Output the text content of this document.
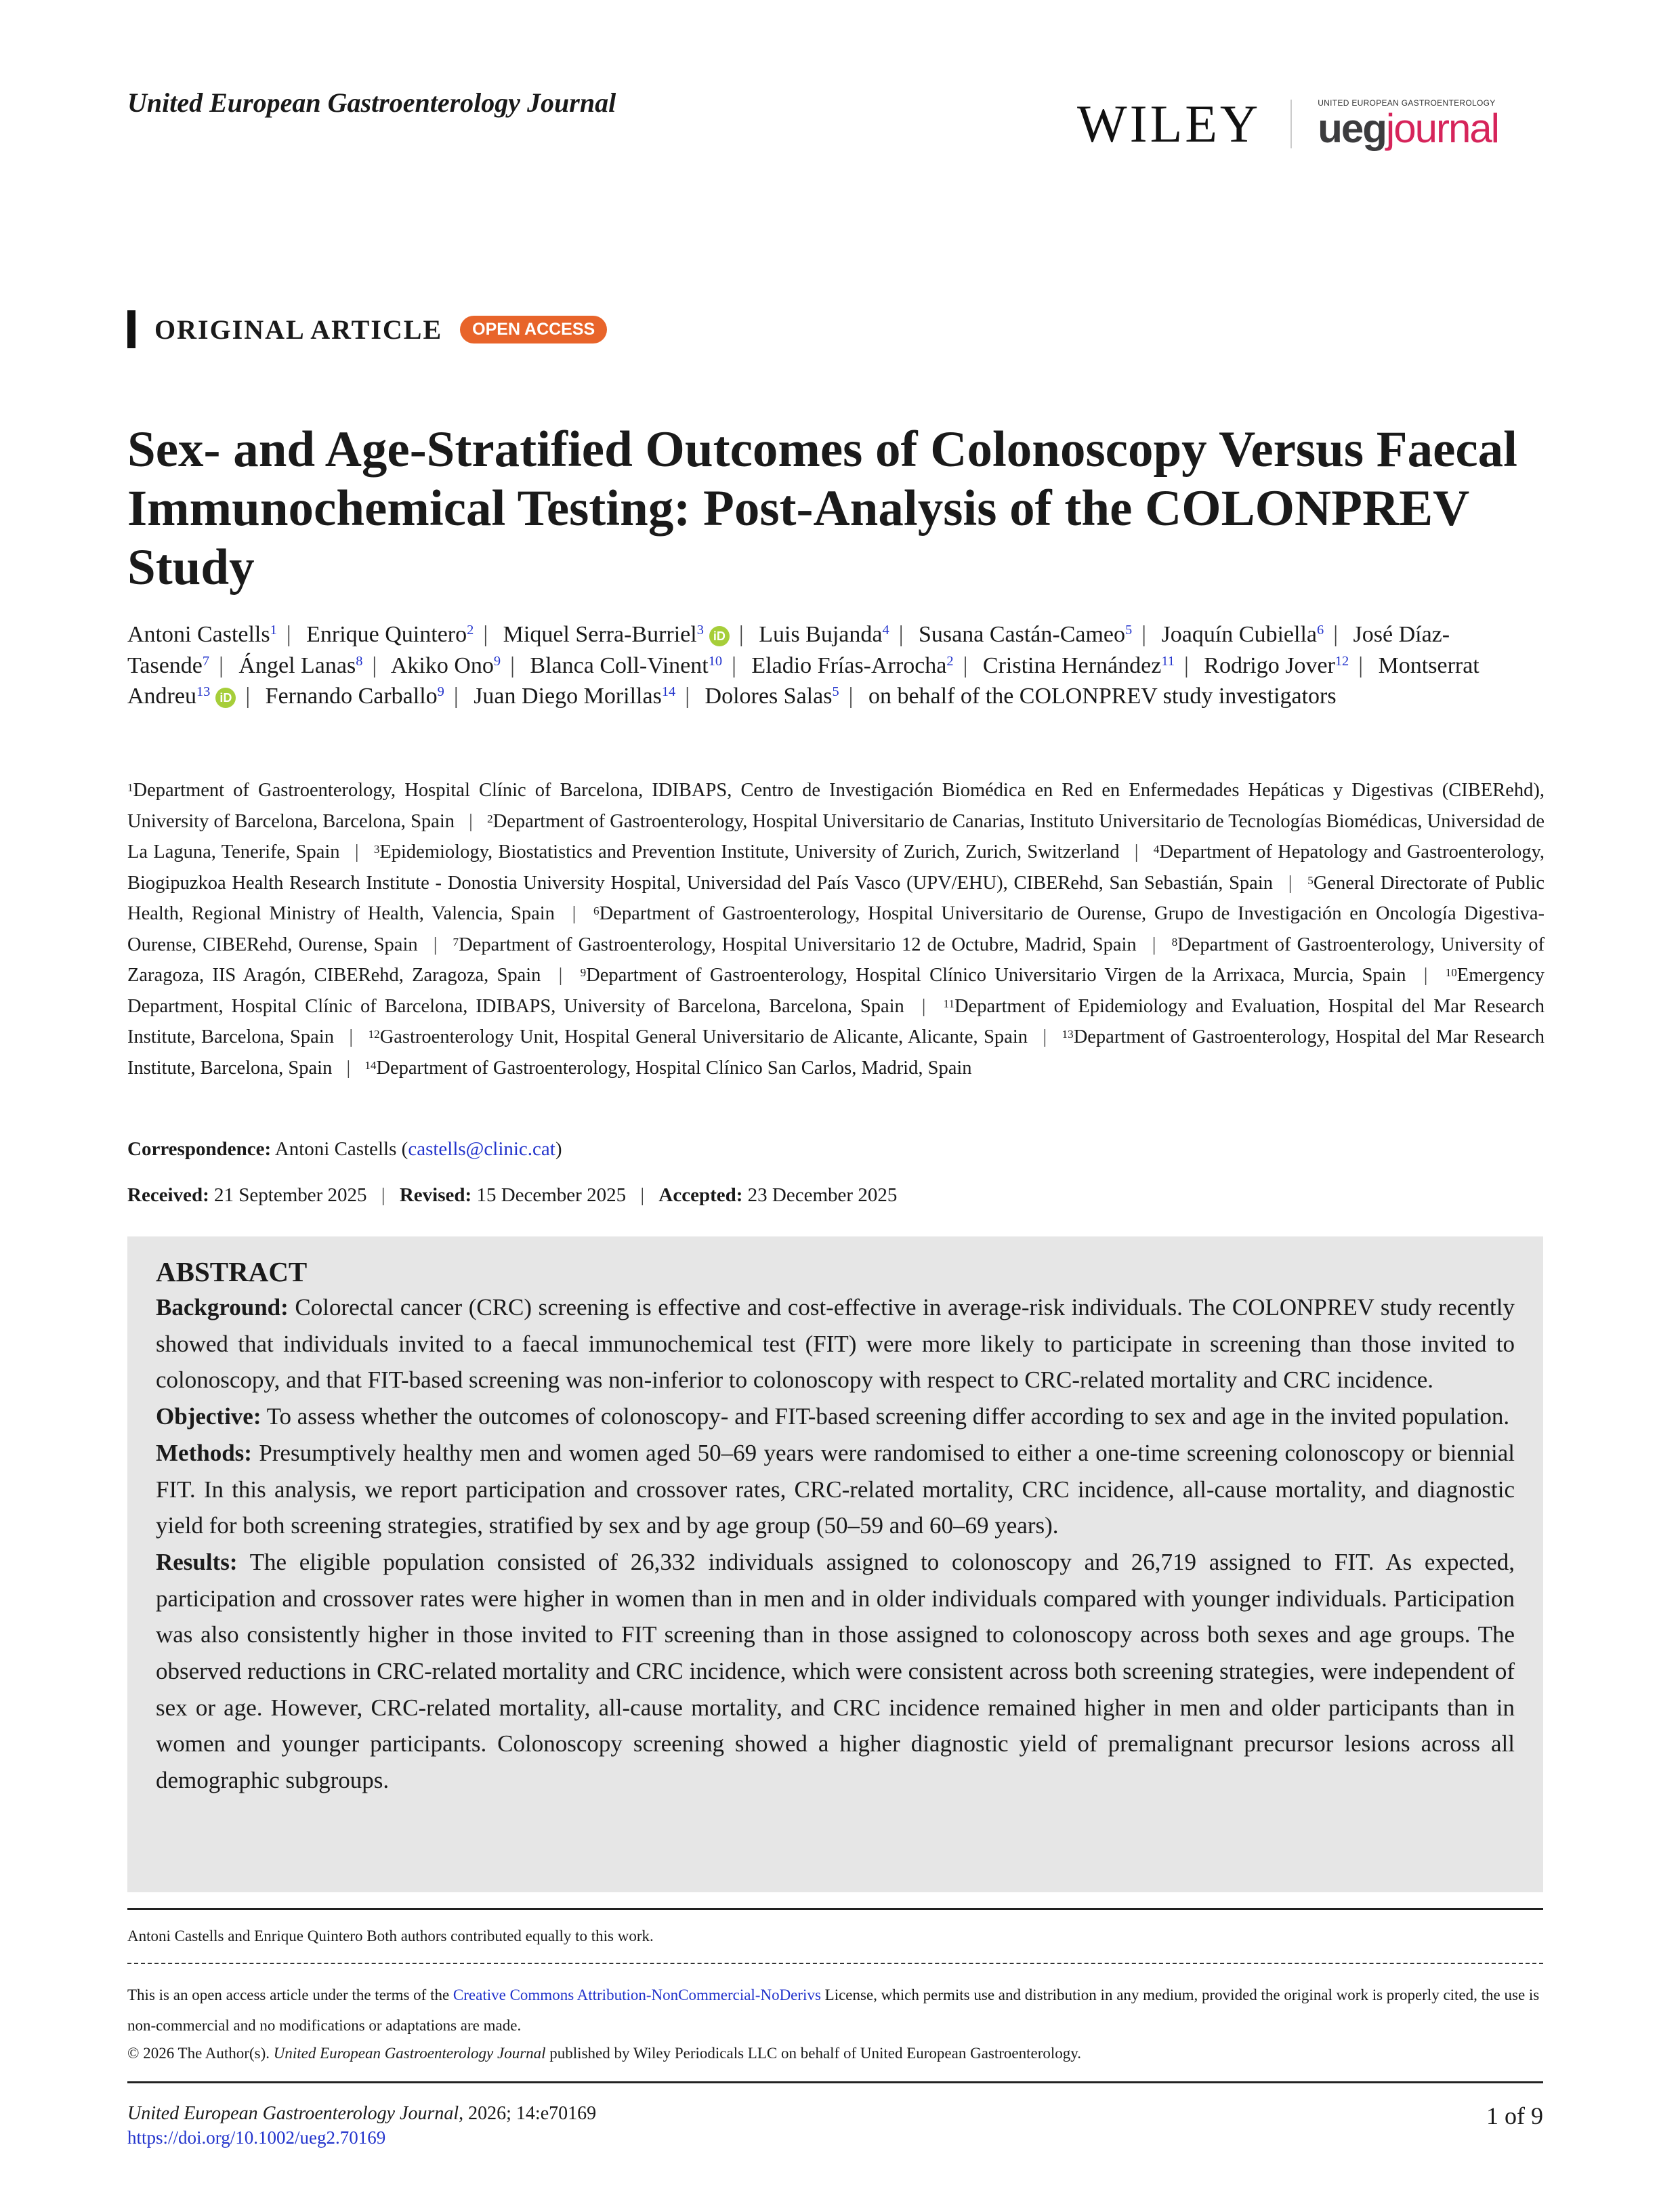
United European Gastroenterology Journal	WILEY	UNITED EUROPEAN GASTROENTEROLOGY
uegjournal
ORIGINAL ARTICLE	OPEN ACCESS
Sex- and Age-Stratified Outcomes of Colonoscopy Versus Faecal Immunochemical Testing: Post-Analysis of the COLONPREV Study
Antoni Castells$^1$ | Enrique Quintero$^2$ | Miquel Serra-Burriel$^3$ iD | Luis Bujanda$^4$ | Susana Castán-Cameo$^5$ | Joaquín Cubiella$^6$ | José Díaz-Tasende$^7$ | Ángel Lanas$^8$ | Akiko Ono$^9$ | Blanca Coll-Vinent$^{10}$ | Eladio Frías-Arrocha$^2$ | Cristina Hernández$^{11}$ | Rodrigo Jover$^{12}$ | Montserrat Andreu$^{13}$ iD | Fernando Carballo$^9$ | Juan Diego Morillas$^{14}$ | Dolores Salas$^5$ | on behalf of the COLONPREV study investigators
$^1$Department of Gastroenterology, Hospital Clínic of Barcelona, IDIBAPS, Centro de Investigación Biomédica en Red en Enfermedades Hepáticas y Digestivas (CIBERehd), University of Barcelona, Barcelona, Spain | $^2$Department of Gastroenterology, Hospital Universitario de Canarias, Instituto Universitario de Tecnologías Biomédicas, Universidad de La Laguna, Tenerife, Spain | $^3$Epidemiology, Biostatistics and Prevention Institute, University of Zurich, Zurich, Switzerland | $^4$Department of Hepatology and Gastroenterology, Biogipuzkoa Health Research Institute - Donostia University Hospital, Universidad del País Vasco (UPV/EHU), CIBERehd, San Sebastián, Spain | $^5$General Directorate of Public Health, Regional Ministry of Health, Valencia, Spain | $^6$Department of Gastroenterology, Hospital Universitario de Ourense, Grupo de Investigación en Oncología Digestiva-Ourense, CIBERehd, Ourense, Spain | $^7$Department of Gastroenterology, Hospital Universitario 12 de Octubre, Madrid, Spain | $^8$Department of Gastroenterology, University of Zaragoza, IIS Aragón, CIBERehd, Zaragoza, Spain | $^9$Department of Gastroenterology, Hospital Clínico Universitario Virgen de la Arrixaca, Murcia, Spain | $^{10}$Emergency Department, Hospital Clínic of Barcelona, IDIBAPS, University of Barcelona, Barcelona, Spain | $^{11}$Department of Epidemiology and Evaluation, Hospital del Mar Research Institute, Barcelona, Spain | $^{12}$Gastroenterology Unit, Hospital General Universitario de Alicante, Alicante, Spain | $^{13}$Department of Gastroenterology, Hospital del Mar Research Institute, Barcelona, Spain | $^{14}$Department of Gastroenterology, Hospital Clínico San Carlos, Madrid, Spain
Correspondence: Antoni Castells (castells@clinic.cat)
Received: 21 September 2025 | Revised: 15 December 2025 | Accepted: 23 December 2025
ABSTRACT

Background: Colorectal cancer (CRC) screening is effective and cost-effective in average-risk individuals. The COLONPREV study recently showed that individuals invited to a faecal immunochemical test (FIT) were more likely to participate in screening than those invited to colonoscopy, and that FIT-based screening was non-inferior to colonoscopy with respect to CRC-related mortality and CRC incidence.

Objective: To assess whether the outcomes of colonoscopy- and FIT-based screening differ according to sex and age in the invited population.

Methods: Presumptively healthy men and women aged 50–69 years were randomised to either a one-time screening colonoscopy or biennial FIT. In this analysis, we report participation and crossover rates, CRC-related mortality, CRC incidence, all-cause mortality, and diagnostic yield for both screening strategies, stratified by sex and by age group (50–59 and 60–69 years).

Results: The eligible population consisted of 26,332 individuals assigned to colonoscopy and 26,719 assigned to FIT. As expected, participation and crossover rates were higher in women than in men and in older individuals compared with younger individuals. Participation was also consistently higher in those invited to FIT screening than in those assigned to colonoscopy across both sexes and age groups. The observed reductions in CRC-related mortality and CRC incidence, which were consistent across both screening strategies, were independent of sex or age. However, CRC-related mortality, all-cause mortality, and CRC incidence remained higher in men and older participants than in women and younger participants. Colonoscopy screening showed a higher diagnostic yield of premalignant precursor lesions across all demographic subgroups.

Antoni Castells and Enrique Quintero Both authors contributed equally to this work.
This is an open access article under the terms of the Creative Commons Attribution-NonCommercial-NoDerivs License, which permits use and distribution in any medium, provided the original work is properly cited, the use is non-commercial and no modifications or adaptations are made.
© 2026 The Author(s). United European Gastroenterology Journal published by Wiley Periodicals LLC on behalf of United European Gastroenterology.
United European Gastroenterology Journal, 2026; 14:e70169
https://doi.org/10.1002/ueg2.70169
1 of 9
